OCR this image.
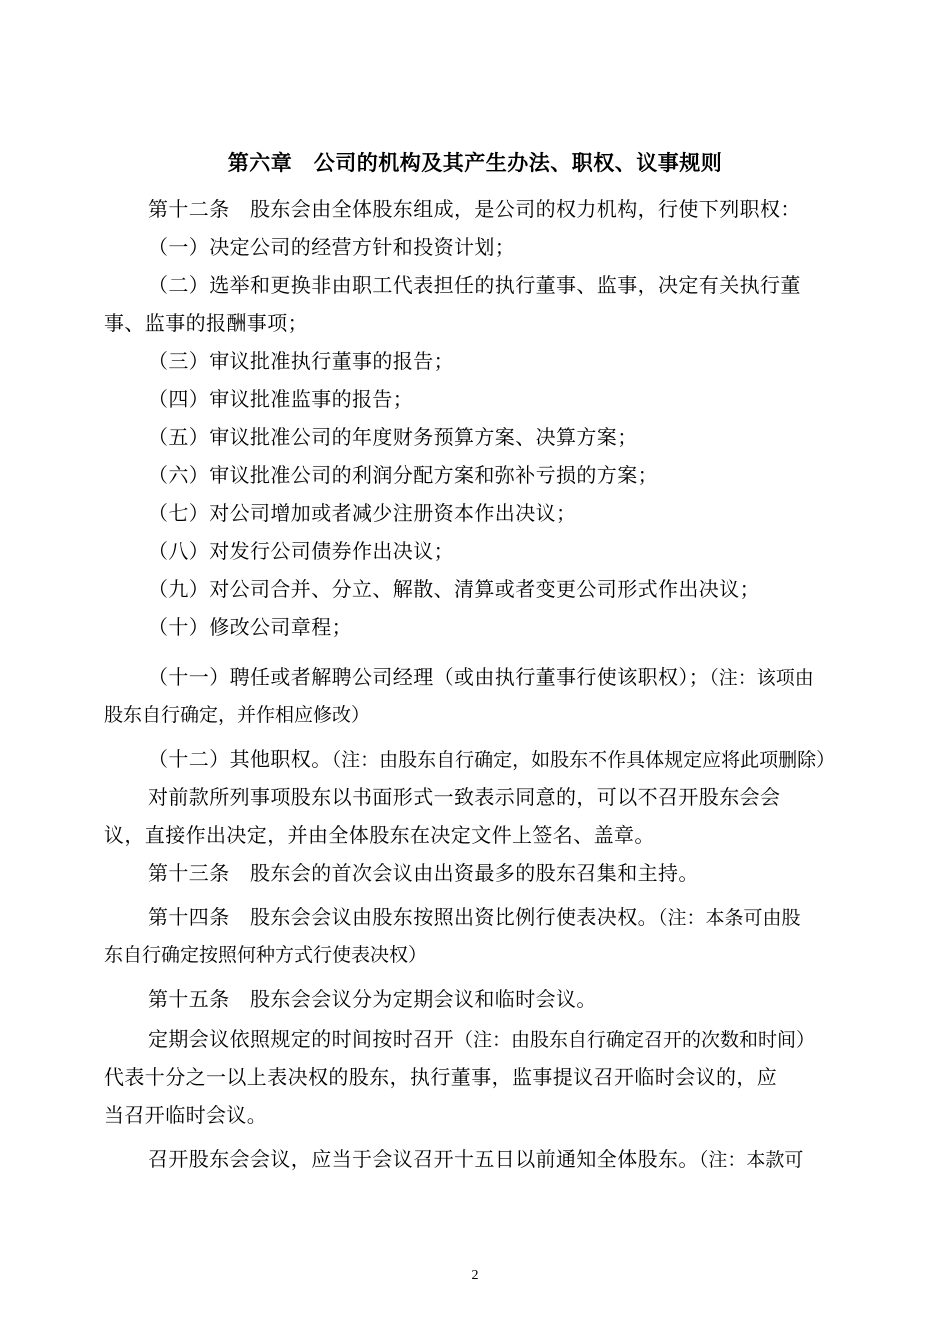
第六章　公司的机构及其产生办法、职权、议事规则
第十二条　股东会由全体股东组成，是公司的权力机构，行使下列职权：
（一）决定公司的经营方针和投资计划；
（二）选举和更换非由职工代表担任的执行董事、监事，决定有关执行董
事、监事的报酬事项；
（三）审议批准执行董事的报告；
（四）审议批准监事的报告；
（五）审议批准公司的年度财务预算方案、决算方案；
（六）审议批准公司的利润分配方案和弥补亏损的方案；
（七）对公司增加或者减少注册资本作出决议；
（八）对发行公司债券作出决议；
（九）对公司合并、分立、解散、清算或者变更公司形式作出决议；
（十）修改公司章程；
（十一）聘任或者解聘公司经理（或由执行董事行使该职权）；（注：该项由
股东自行确定，并作相应修改）
（十二）其他职权。（注：由股东自行确定，如股东不作具体规定应将此项删除）
对前款所列事项股东以书面形式一致表示同意的，可以不召开股东会会
议，直接作出决定，并由全体股东在决定文件上签名、盖章。
第十三条　股东会的首次会议由出资最多的股东召集和主持。
第十四条　股东会会议由股东按照出资比例行使表决权。（注：本条可由股
东自行确定按照何种方式行使表决权）
第十五条　股东会会议分为定期会议和临时会议。
定期会议依照规定的时间按时召开（注：由股东自行确定召开的次数和时间）
代表十分之一以上表决权的股东，执行董事，监事提议召开临时会议的，应
当召开临时会议。
召开股东会会议，应当于会议召开十五日以前通知全体股东。（注：本款可
2
